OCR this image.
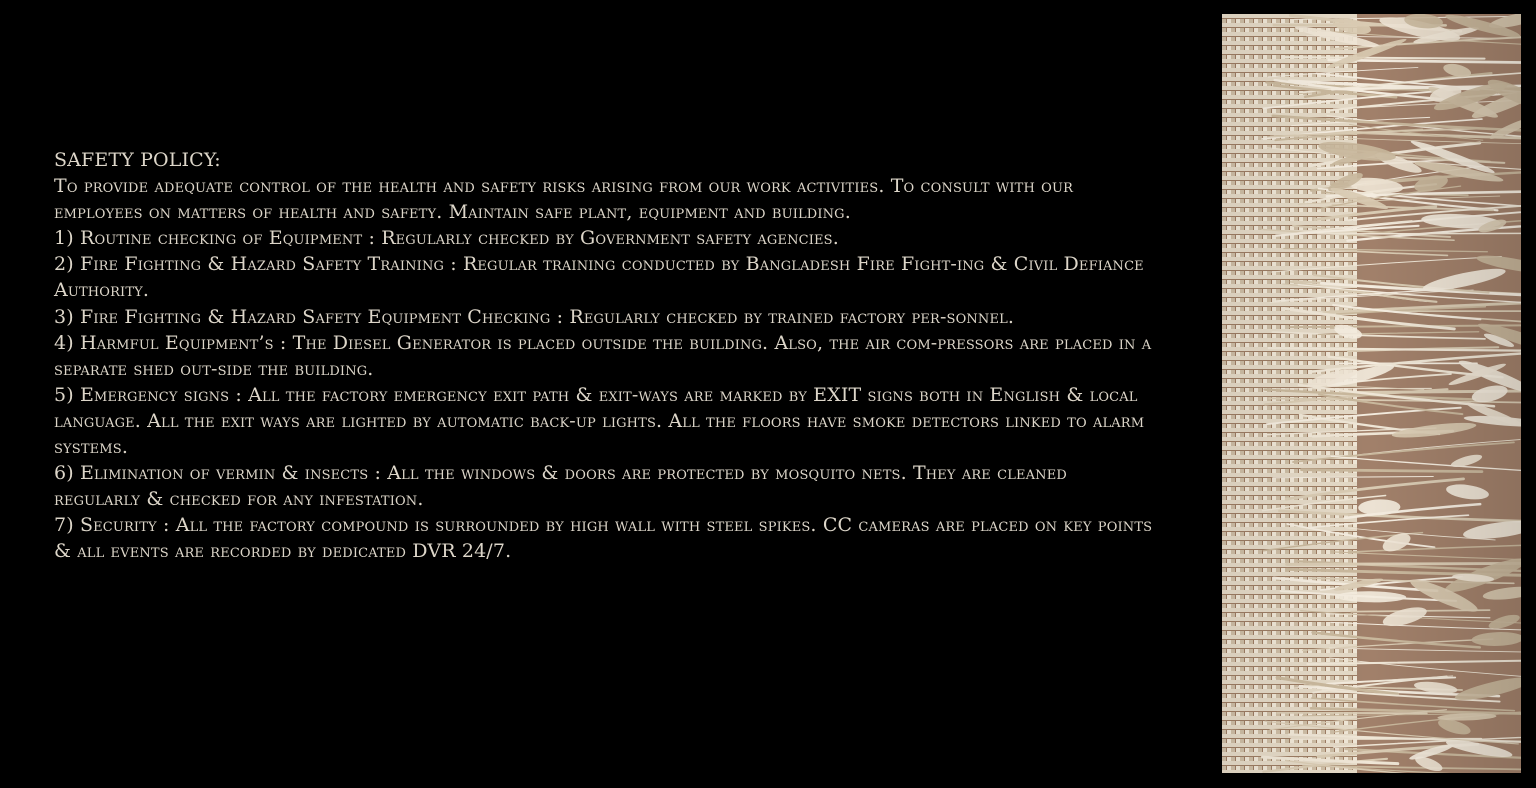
SAFETY POLICY:

To provide adequate control of the health and safety risks arising from our work activities. To consult with our employees on matters of health and safety. Maintain safe plant, equipment and building.

1) Routine checking of Equipment : Regularly checked by Government safety agencies.

2) Fire Fighting & Hazard Safety Training : Regular training conducted by Bangladesh Fire Fight-ing & Civil Defiance Authority.

3) Fire Fighting & Hazard Safety Equipment Checking : Regularly checked by trained factory per-sonnel.

4) Harmful Equipment’s : The Diesel Generator is placed outside the building. Also, the air com-pressors are placed in a separate shed out-side the building.

5) Emergency signs : All the factory emergency exit path & exit-ways are marked by EXIT signs both in English & local language. All the exit ways are lighted by automatic back-up lights. All the floors have smoke detectors linked to alarm systems.

6) Elimination of vermin & insects : All the windows & doors are protected by mosquito nets. They are cleaned regularly & checked for any infestation.

7) Security : All the factory compound is surrounded by high wall with steel spikes. CC cameras are placed on key points & all events are recorded by dedicated DVR 24/7.
